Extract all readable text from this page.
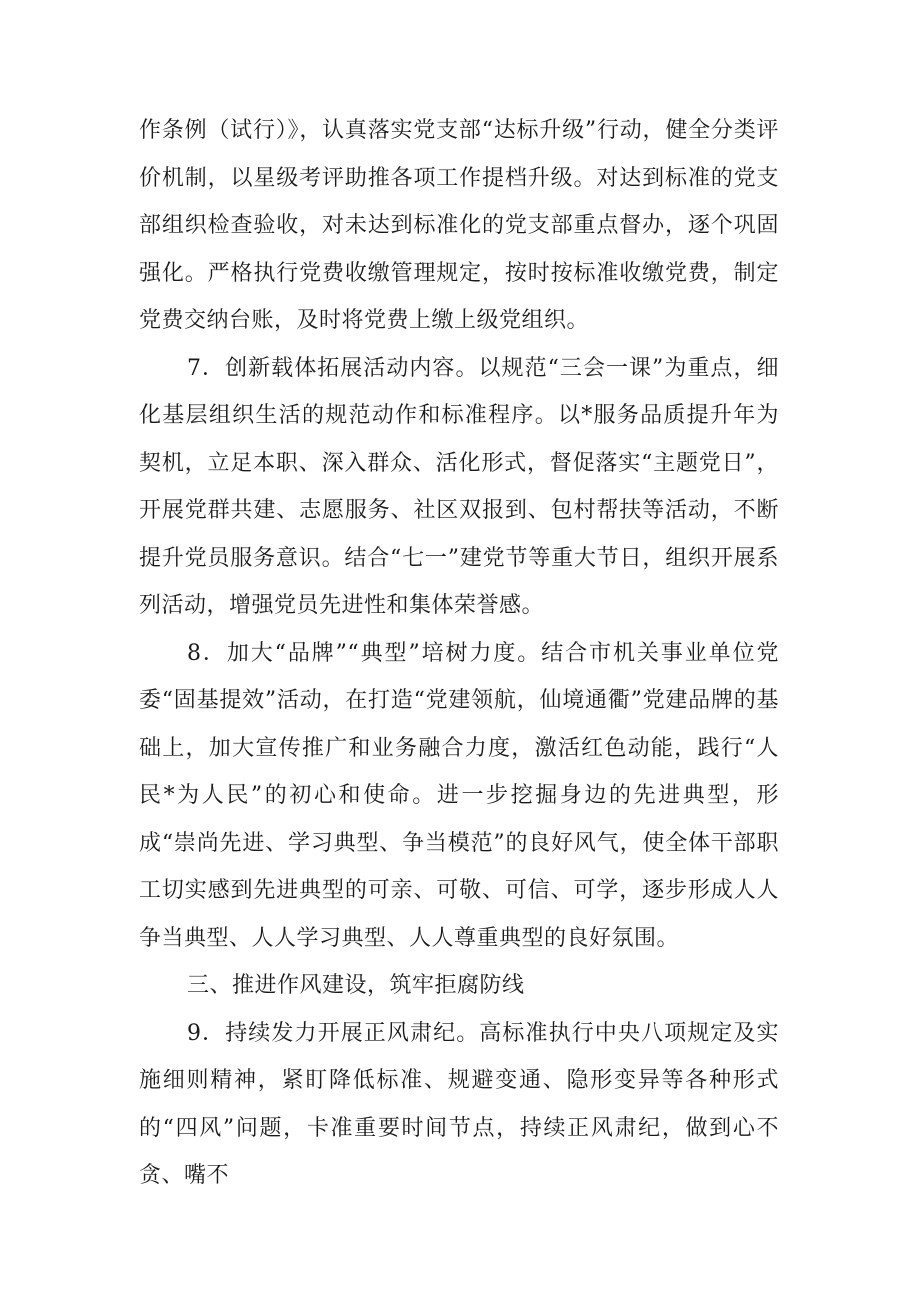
作条例（试行）》，认真落实党支部“达标升级”行动，健全分类评价机制，以星级考评助推各项工作提档升级。对达到标准的党支部组织检查验收，对未达到标准化的党支部重点督办，逐个巩固强化。严格执行党费收缴管理规定，按时按标准收缴党费，制定党费交纳台账，及时将党费上缴上级党组织。

7．创新载体拓展活动内容。以规范“三会一课”为重点，细化基层组织生活的规范动作和标准程序。以*服务品质提升年为契机，立足本职、深入群众、活化形式，督促落实“主题党日”，开展党群共建、志愿服务、社区双报到、包村帮扶等活动，不断提升党员服务意识。结合“七一”建党节等重大节日，组织开展系列活动，增强党员先进性和集体荣誉感。

8．加大“品牌”“典型”培树力度。结合市机关事业单位党委“固基提效”活动，在打造“党建领航，仙境通衢”党建品牌的基础上，加大宣传推广和业务融合力度，激活红色动能，践行“人民*为人民”的初心和使命。进一步挖掘身边的先进典型，形成“崇尚先进、学习典型、争当模范”的良好风气，使全体干部职工切实感到先进典型的可亲、可敬、可信、可学，逐步形成人人争当典型、人人学习典型、人人尊重典型的良好氛围。

三、推进作风建设，筑牢拒腐防线

9．持续发力开展正风肃纪。高标准执行中央八项规定及实施细则精神，紧盯降低标准、规避变通、隐形变异等各种形式的“四风”问题，卡准重要时间节点，持续正风肃纪，做到心不贪、嘴不
